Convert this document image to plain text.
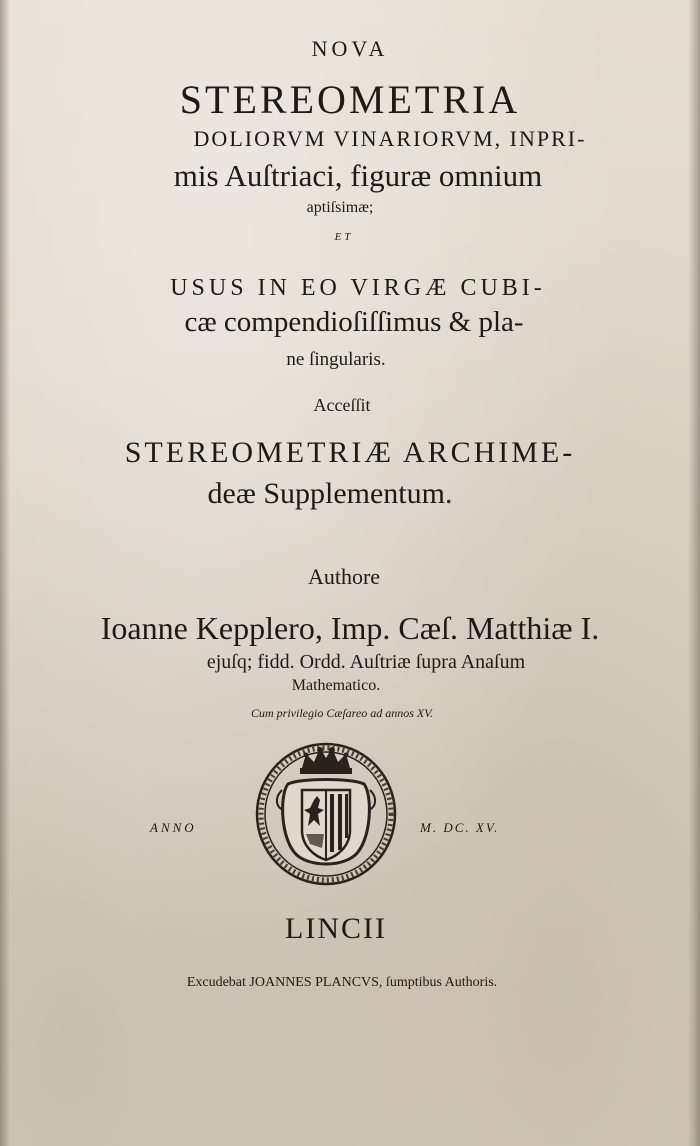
NOVA
STEREOMETRIA
DOLIORVM VINARIORVM, INPRI-
mis Auſtriaci, figuræ omnium
aptiſsimæ;
ET
USUS IN EO VIRGÆ CUBI-
cæ compendioſiſſimus & pla-
ne ſingularis.
Acceſſit
STEREOMETRIÆ ARCHIME-
deæ Supplementum.
Authore
Ioanne Kepplero, Imp. Cæſ. Matthiæ I.
ejuſq; fidd. Ordd. Auſtriæ ſupra Anaſum
Mathematico.
Cum privilegio Cæſareo ad annos XV.
ANNO	M. DC. XV.
LINCII
Excudebat JOANNES PLANCVS, ſumptibus Authoris.
